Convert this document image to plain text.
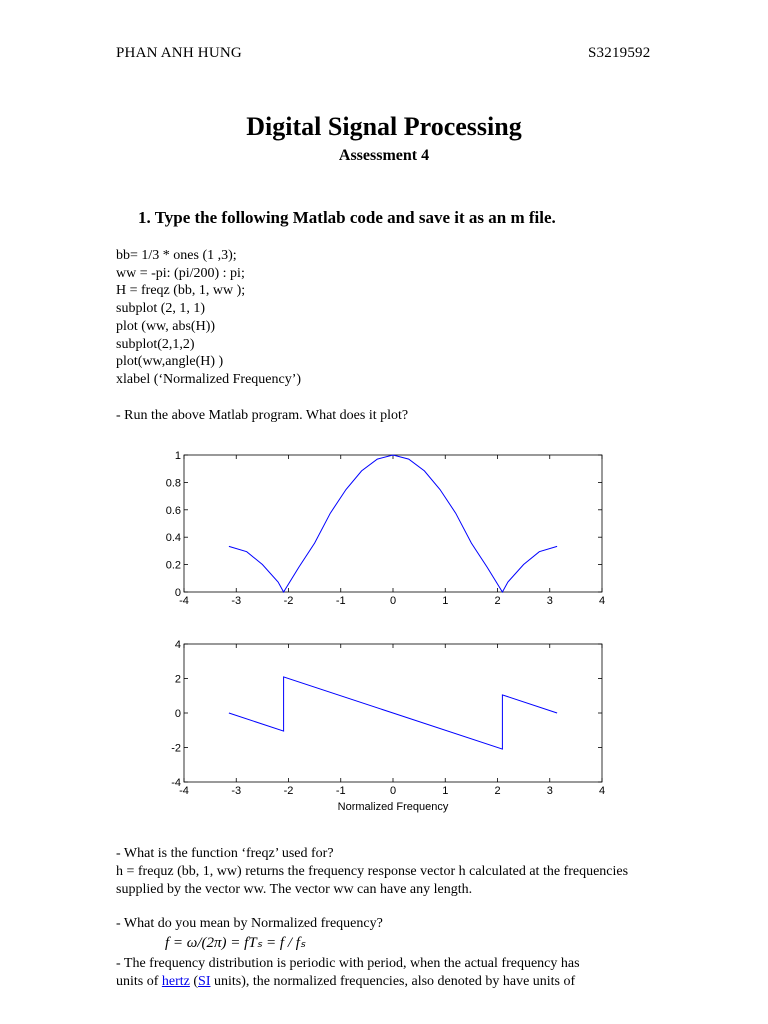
PHAN ANH HUNG	S3219592
Digital Signal Processing
Assessment 4
1. Type the following Matlab code and save it as an m file.
bb= 1/3 * ones (1 ,3);
ww = -pi: (pi/200) : pi;
H = freqz (bb, 1, ww );
subplot (2, 1, 1)
plot (ww, abs(H))
subplot(2,1,2)
plot(ww,angle(H) )
xlabel (‘Normalized Frequency’)
- Run the above Matlab program. What does it plot?
-4	-3	-2	-1	0	1	2	3	4
0
0.2
0.4
0.6
0.8
1
-4	-3	-2	-1	0	1	2	3	4
-4
-2
0
2
4
Normalized Frequency
- What is the function ‘freqz’ used for?
h = frequz (bb, 1, ww) returns the frequency response vector h calculated at the frequencies supplied by the vector ww. The vector ww can have any length.
- What do you mean by Normalized frequency?
f = ω/(2π) = fTₛ = f / fₛ
- The frequency distribution is periodic with period, when the actual frequency has
units of hertz (SI units), the normalized frequencies, also denoted by have units of
